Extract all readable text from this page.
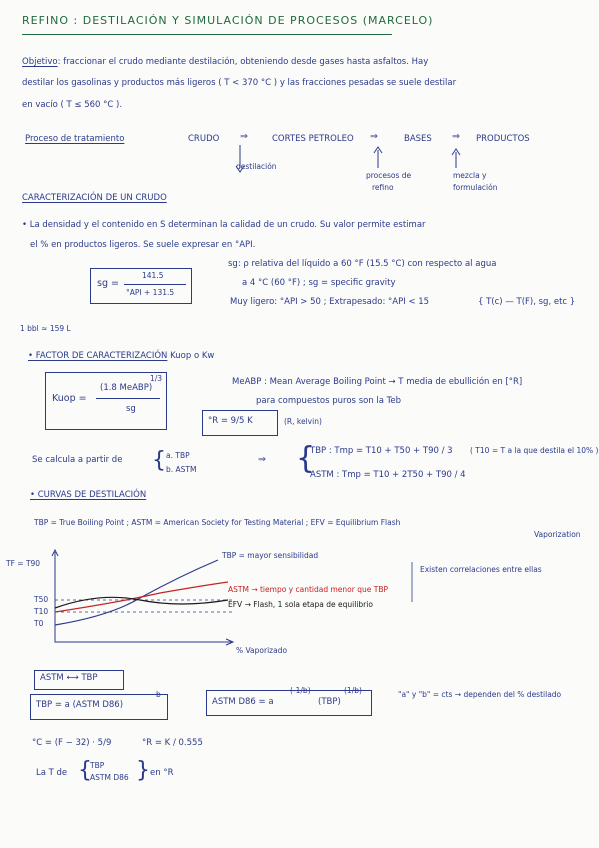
REFINO : DESTILACIÓN Y SIMULACIÓN DE PROCESOS (MARCELO)
Objetivo: fraccionar el crudo mediante destilación, obteniendo desde gases hasta asfaltos. Hay
destilar los gasolinas y productos más ligeros ( T < 370 °C ) y las fracciones pesadas se suele destilar
en vacío ( T ≤ 560 °C ).
Proceso de tratamiento	CRUDO ⇒	CORTES PETROLEO ⇒	BASES ⇒ PRODUCTOS
destilación
procesos de
refino
mezcla y
formulación
CARACTERIZACIÓN DE UN CRUDO
• La densidad y el contenido en S determinan la calidad de un crudo. Su valor permite estimar
el % en productos ligeros. Se suele expresar en °API.
sg =
141.5
°API + 131.5
sg: ρ relativa del líquido a 60 °F (15.5 °C) con respecto al agua
a 4 °C (60 °F) ; sg = specific gravity
Muy ligero: °API > 50 ; Extrapesado: °API < 15	{ T(c) — T(F), sg, etc }
1 bbl ≃ 159 L
• FACTOR DE CARACTERIZACIÓN Kuop o Kw
Kuop =
(1.8 MeABP)
1/3
sg
MeABP : Mean Average Boiling Point → T media de ebullición en [°R]
para compuestos puros son la Teb
°R = 9/5 K	(R, kelvin)
Se calcula a partir de { a. TBP
b. ASTM
⇒ {
TBP : Tmp = T10 + T50 + T90 / 3 ( T10 = T a la que destila el 10% )
ASTM : Tmp = T10 + 2T50 + T90 / 4
• CURVAS DE DESTILACIÓN
TBP = True Boiling Point ; ASTM = American Society for Testing Material ; EFV = Equilibrium Flash
Vaporization
TF = T90
T50
T10
T0
% Vaporizado
TBP = mayor sensibilidad
ASTM → tiempo y cantidad menor que TBP
EFV → Flash, 1 sola etapa de equilibrio
Existen correlaciones entre ellas
ASTM ⟷ TBP
TBP = a (ASTM D86)
b
ASTM D86 = a
(-1/b)
(TBP)
(1/b)	"a" y "b" = cts → dependen del % destilado
°C = (F − 32) · 5/9	°R = K / 0.555
La T de {
TBP
ASTM D86 } en °R
